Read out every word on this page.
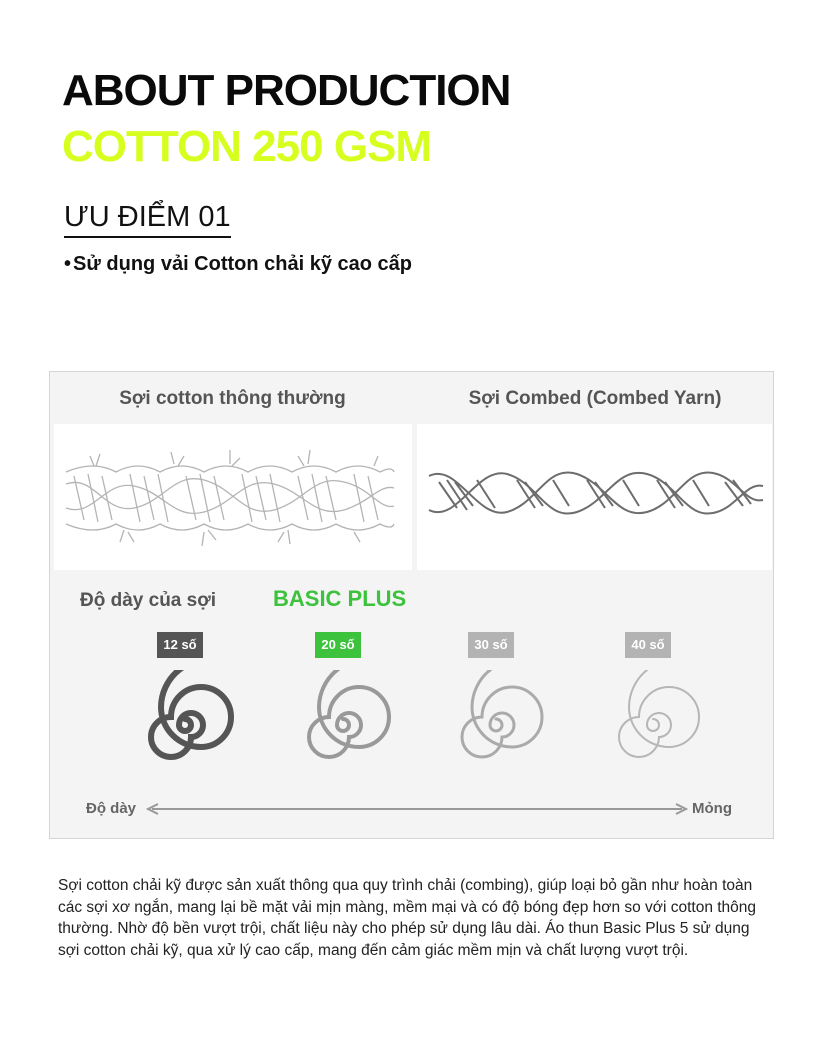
ABOUT PRODUCTION
COTTON 250 GSM
ƯU ĐIỂM 01
• Sử dụng vải Cotton chải kỹ cao cấp
Sợi cotton thông thường	Sợi Combed (Combed Yarn)
Độ dày của sợi	BASIC PLUS
12 số	20 số	30 số	40 số
Độ dày	Mỏng
Sợi cotton chải kỹ được sản xuất thông qua quy trình chải (combing), giúp loại bỏ gần như hoàn toàn các sợi xơ ngắn, mang lại bề mặt vải mịn màng, mềm mại và có độ bóng đẹp hơn so với cotton thông thường. Nhờ độ bền vượt trội, chất liệu này cho phép sử dụng lâu dài. Áo thun Basic Plus 5 sử dụng sợi cotton chải kỹ, qua xử lý cao cấp, mang đến cảm giác mềm mịn và chất lượng vượt trội.
